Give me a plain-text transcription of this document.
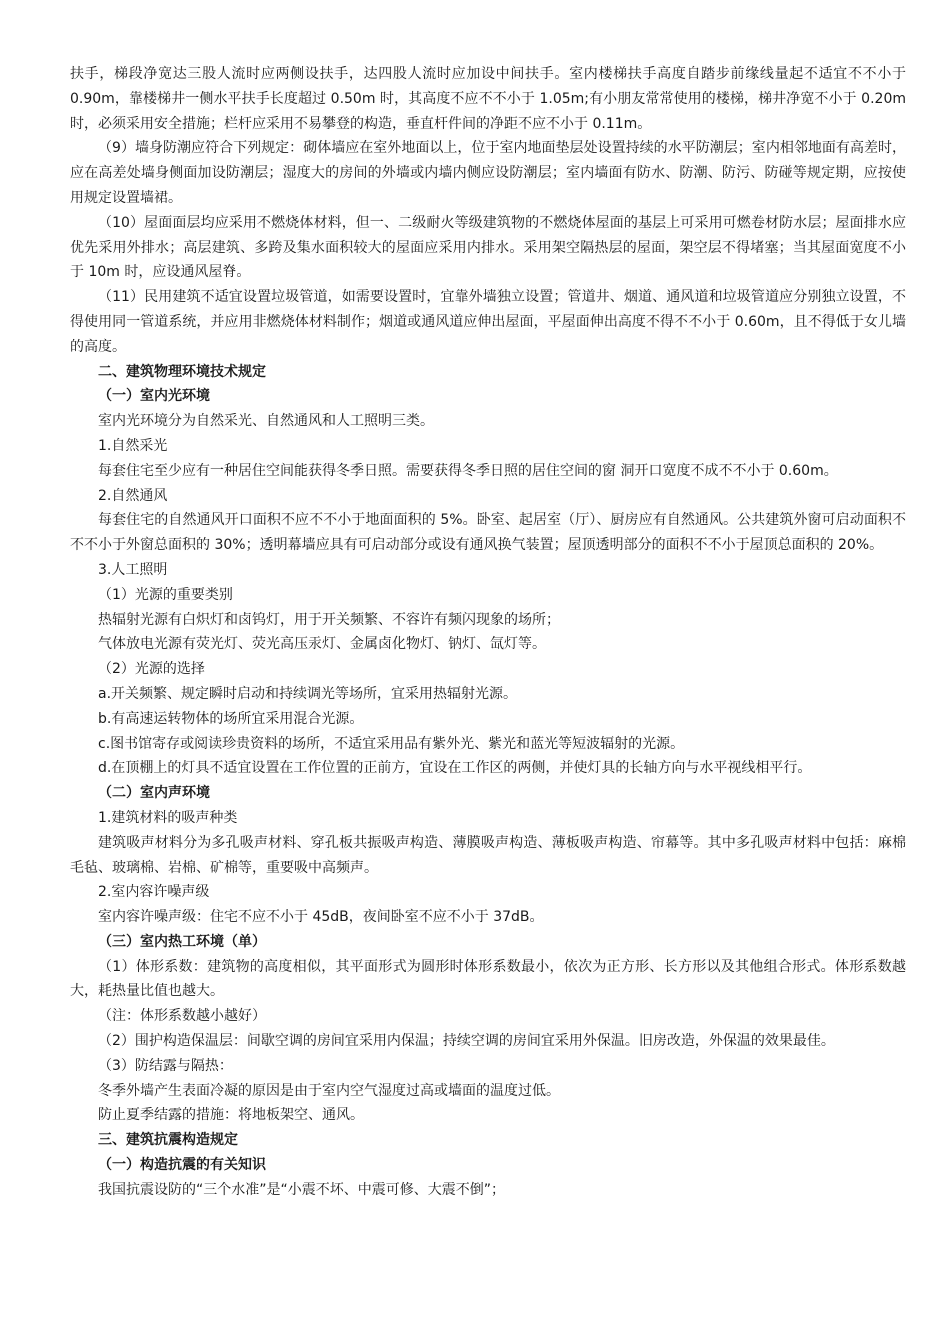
扶手，梯段净宽达三股人流时应两侧设扶手，达四股人流时应加设中间扶手。室内楼梯扶手高度自踏步前缘线量起不适宜不不小于 0.90m，靠楼梯井一侧水平扶手长度超过 0.50m 时，其高度不应不不小于 1.05m;有小朋友常常使用的楼梯，梯井净宽不小于 0.20m 时，必须采用安全措施；栏杆应采用不易攀登的构造，垂直杆件间的净距不应不小于 0.11m。

（9）墙身防潮应符合下列规定：砌体墙应在室外地面以上，位于室内地面垫层处设置持续的水平防潮层；室内相邻地面有高差时，应在高差处墙身侧面加设防潮层；湿度大的房间的外墙或内墙内侧应设防潮层；室内墙面有防水、防潮、防污、防碰等规定期，应按使用规定设置墙裙。

（10）屋面面层均应采用不燃烧体材料，但一、二级耐火等级建筑物的不燃烧体屋面的基层上可采用可燃卷材防水层；屋面排水应优先采用外排水；高层建筑、多跨及集水面积较大的屋面应采用内排水。采用架空隔热层的屋面，架空层不得堵塞；当其屋面宽度不小于 10m 时，应设通风屋脊。

（11）民用建筑不适宜设置垃圾管道，如需要设置时，宜靠外墙独立设置；管道井、烟道、通风道和垃圾管道应分别独立设置，不得使用同一管道系统，并应用非燃烧体材料制作；烟道或通风道应伸出屋面，平屋面伸出高度不得不不小于 0.60m，且不得低于女儿墙的高度。

二、建筑物理环境技术规定

（一）室内光环境

室内光环境分为自然采光、自然通风和人工照明三类。

1.自然采光

每套住宅至少应有一种居住空间能获得冬季日照。需要获得冬季日照的居住空间的窗 洞开口宽度不成不不小于 0.60m。

2.自然通风

每套住宅的自然通风开口面积不应不不小于地面面积的 5%。卧室、起居室（厅）、厨房应有自然通风。公共建筑外窗可启动面积不不不小于外窗总面积的 30%；透明幕墙应具有可启动部分或设有通风换气装置；屋顶透明部分的面积不不小于屋顶总面积的 20%。

3.人工照明

（1）光源的重要类别

热辐射光源有白炽灯和卤钨灯，用于开关频繁、不容许有频闪现象的场所；

气体放电光源有荧光灯、荧光高压汞灯、金属卤化物灯、钠灯、氙灯等。

（2）光源的选择

a.开关频繁、规定瞬时启动和持续调光等场所，宜采用热辐射光源。

b.有高速运转物体的场所宜采用混合光源。

c.图书馆寄存或阅读珍贵资料的场所，不适宜采用品有紫外光、紫光和蓝光等短波辐射的光源。

d.在顶棚上的灯具不适宜设置在工作位置的正前方，宜设在工作区的两侧，并使灯具的长轴方向与水平视线相平行。

（二）室内声环境

1.建筑材料的吸声种类

建筑吸声材料分为多孔吸声材料、穿孔板共振吸声构造、薄膜吸声构造、薄板吸声构造、帘幕等。其中多孔吸声材料中包括：麻棉毛毡、玻璃棉、岩棉、矿棉等，重要吸中高频声。

2.室内容许噪声级

室内容许噪声级：住宅不应不小于 45dB，夜间卧室不应不小于 37dB。

（三）室内热工环境（单）

（1）体形系数：建筑物的高度相似，其平面形式为圆形时体形系数最小，依次为正方形、长方形以及其他组合形式。体形系数越大，耗热量比值也越大。

（注：体形系数越小越好）

（2）围护构造保温层：间歇空调的房间宜采用内保温；持续空调的房间宜采用外保温。旧房改造，外保温的效果最佳。

（3）防结露与隔热：

冬季外墙产生表面冷凝的原因是由于室内空气湿度过高或墙面的温度过低。

防止夏季结露的措施：将地板架空、通风。

三、建筑抗震构造规定

（一）构造抗震的有关知识

我国抗震设防的“三个水准”是“小震不坏、中震可修、大震不倒”；
